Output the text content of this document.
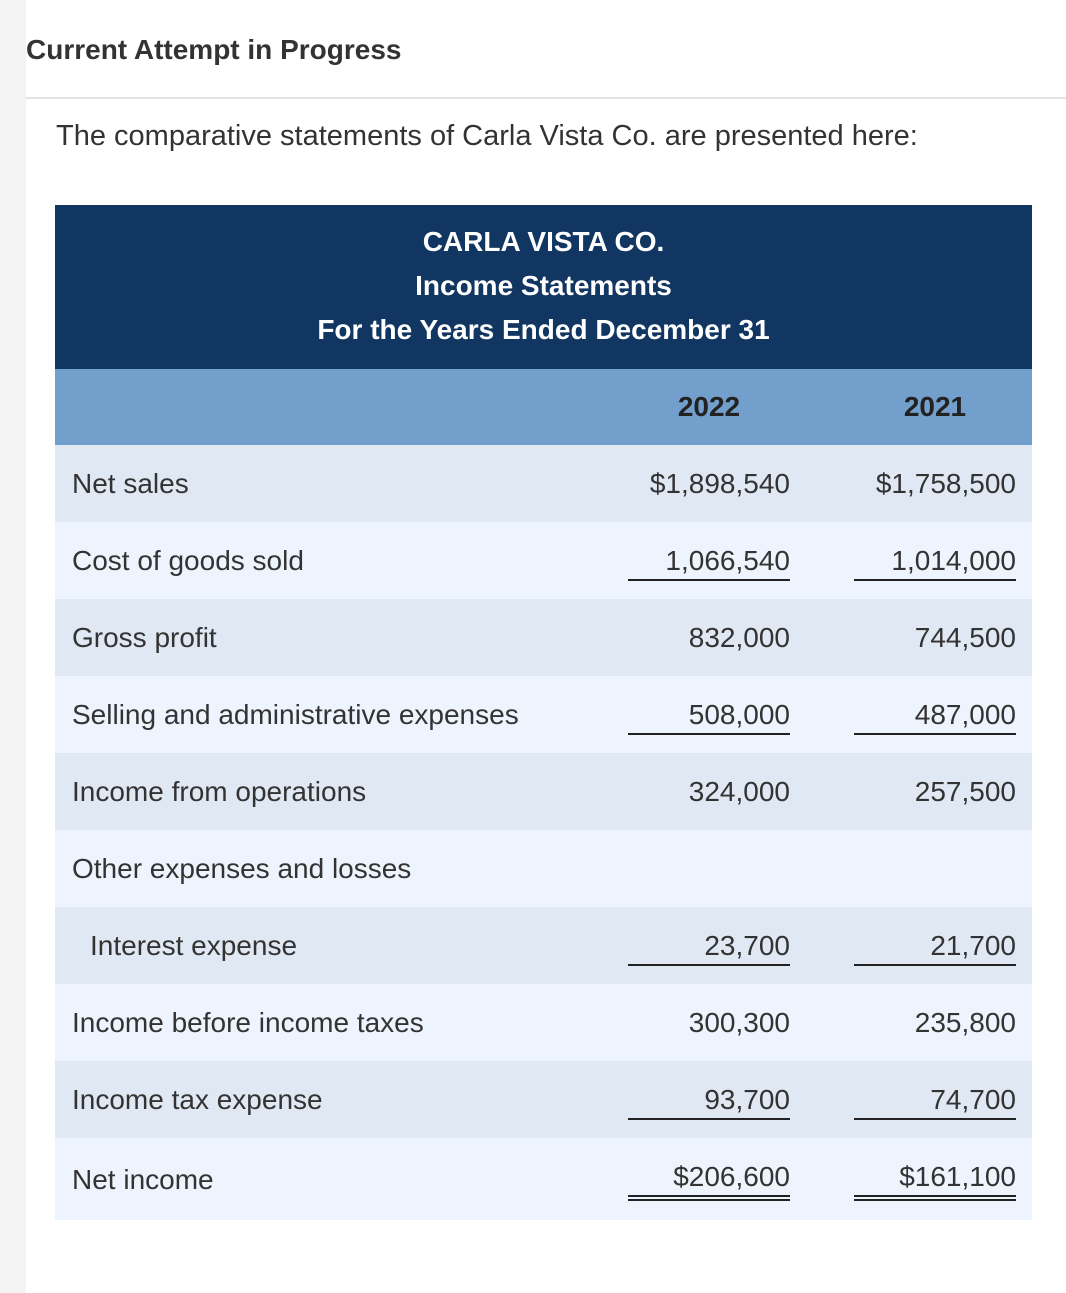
Current Attempt in Progress

The comparative statements of Carla Vista Co. are presented here:

CARLA VISTA CO.
Income Statements
For the Years Ended December 31
2022	2021
Net sales	$1,898,540	$1,758,500
Cost of goods sold	1,066,540	1,014,000
Gross profit	832,000	744,500
Selling and administrative expenses	508,000	487,000
Income from operations	324,000	257,500
Other expenses and losses
Interest expense	23,700	21,700
Income before income taxes	300,300	235,800
Income tax expense	93,700	74,700
Net income	$206,600	$161,100
